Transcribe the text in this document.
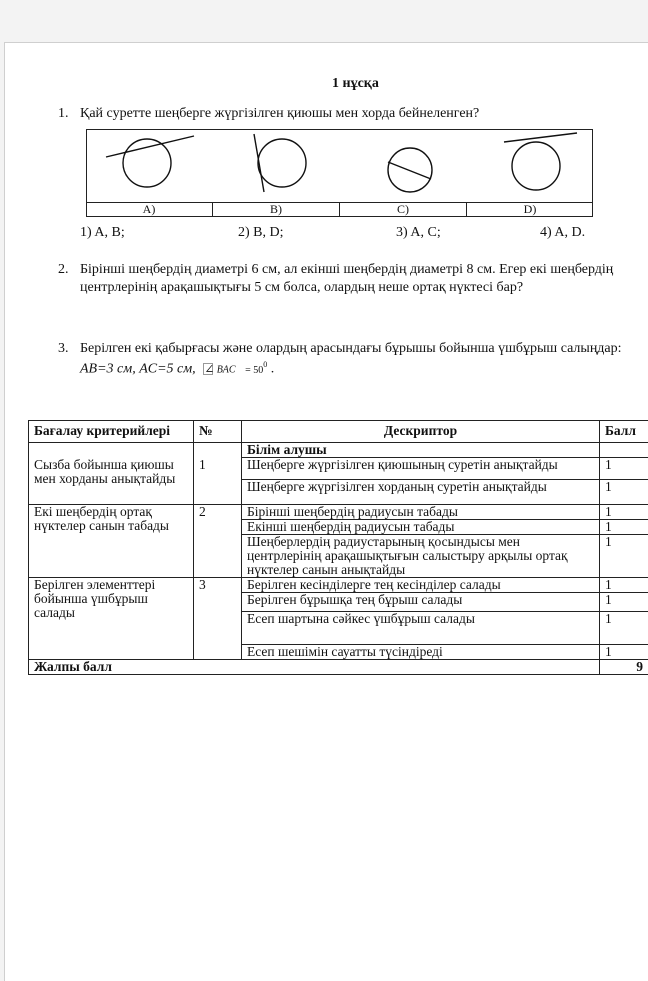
1 нұсқа
1. Қай суретте шеңберге жүргізілген қиюшы мен хорда бейнеленген?
A)	B)	C)	D)
1) A, B;	2) B, D;	3) A, C;	4) A, D.
2. Бірінші шеңбердің диаметрі 6 см, ал екінші шеңбердің диаметрі 8 см. Егер екі шеңбердің
центрлерінің арақашықтығы 5 см болса, олардың неше ортақ нүктесі бар?
3. Берілген екі қабырғасы және олардың арасындағы бұрышы бойынша үшбұрыш салыңдар:
AB=3 см, AC=5 см, ∠ BAC = $50^0$ .
Бағалау критерийлері	№	Дескриптор	Балл
		Білім алушы	
Сызба бойынша қиюшы мен хорданы анықтайды	1	Шеңберге жүргізілген қиюшының суретін анықтайды	1
		Шеңберге жүргізілген хорданың суретін анықтайды	1
Екі шеңбердің ортақ нүктелер санын табады	2	Бірінші шеңбердің радиусын табады	1
		Екінші шеңбердің радиусын табады	1
		Шеңберлердің радиустарының қосындысы мен центрлерінің арақашықтығын салыстыру арқылы ортақ нүктелер санын анықтайды	1
Берілген элементтері бойынша үшбұрыш салады	3	Берілген кесінділерге тең кесінділер салады	1
		Берілген бұрышқа тең бұрыш салады	1
		Есеп шартына сәйкес үшбұрыш салады	1
		Есеп шешімін сауатты түсіндіреді	1
Жалпы балл			9
